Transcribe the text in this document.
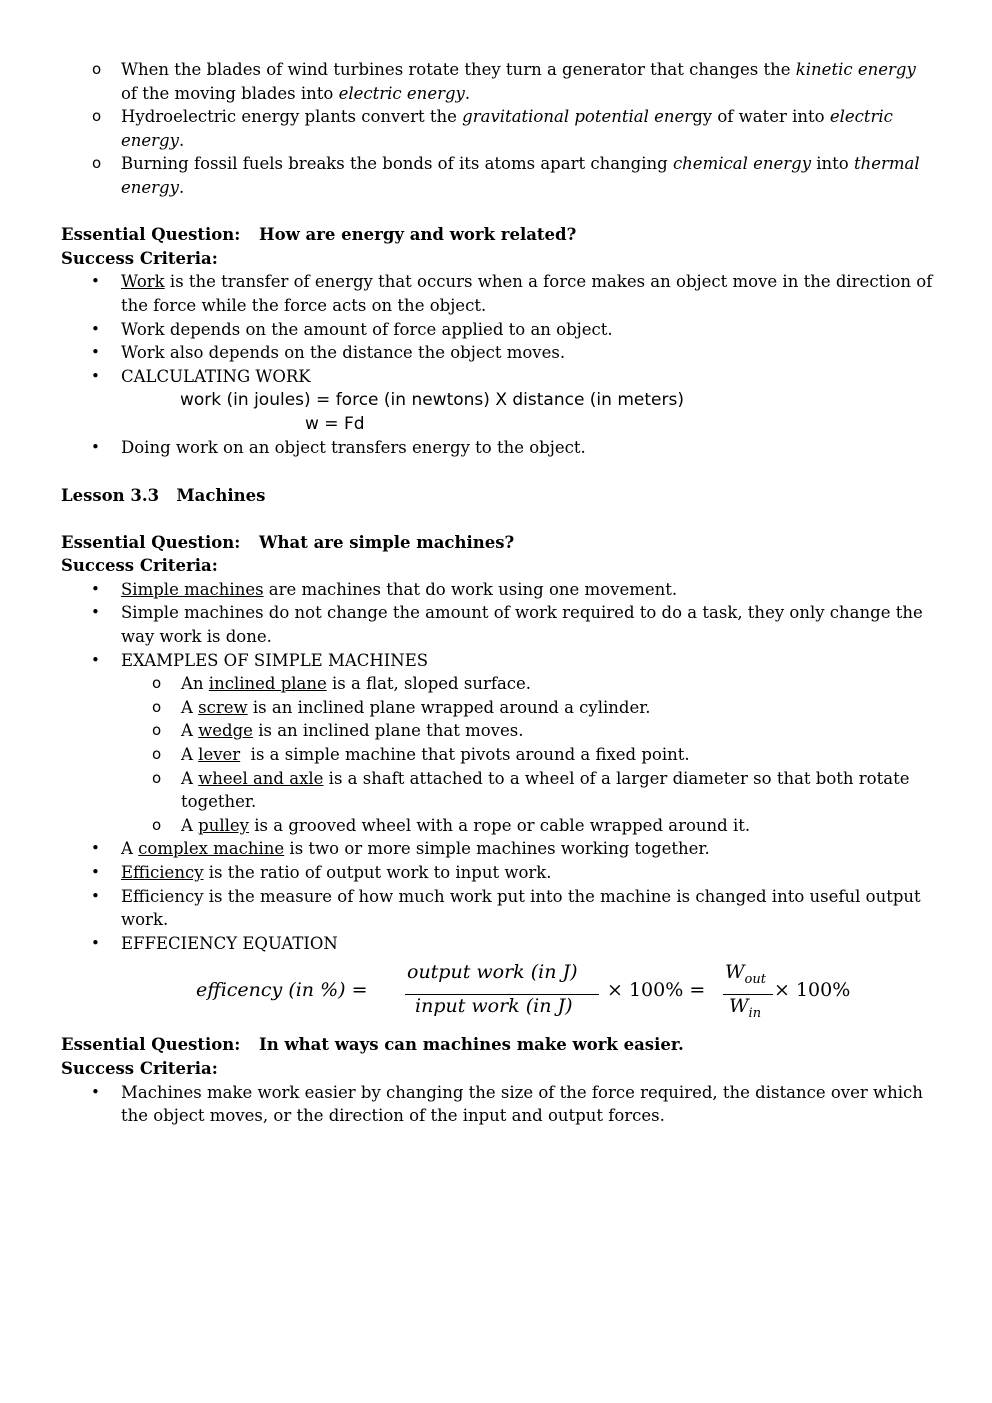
o When the blades of wind turbines rotate they turn a generator that changes the kinetic energy of the moving blades into electric energy.
o Hydroelectric energy plants convert the gravitational potential energy of water into electric energy.
o Burning fossil fuels breaks the bonds of its atoms apart changing chemical energy into thermal energy.
Essential Question: How are energy and work related?
Success Criteria:
• Work is the transfer of energy that occurs when a force makes an object move in the direction of the force while the force acts on the object.
• Work depends on the amount of force applied to an object.
• Work also depends on the distance the object moves.
• CALCULATING WORK
work (in joules) = force (in newtons) X distance (in meters)
w = Fd
• Doing work on an object transfers energy to the object.
Lesson 3.3   Machines
Essential Question: What are simple machines?
Success Criteria:
• Simple machines are machines that do work using one movement.
• Simple machines do not change the amount of work required to do a task, they only change the way work is done.
• EXAMPLES OF SIMPLE MACHINES
o An inclined plane is a flat, sloped surface.
o A screw is an inclined plane wrapped around a cylinder.
o A wedge is an inclined plane that moves.
o A lever  is a simple machine that pivots around a fixed point.
o A wheel and axle is a shaft attached to a wheel of a larger diameter so that both rotate together.
o A pulley is a grooved wheel with a rope or cable wrapped around it.
• A complex machine is two or more simple machines working together.
• Efficiency is the ratio of output work to input work.
• Efficiency is the measure of how much work put into the machine is changed into useful output work.
• EFFECIENCY EQUATION
efficency (in %) =
output work (in J)
input work (in J)
× 100% =
$W_{out}$
$W_{in}$
× 100%
Essential Question: In what ways can machines make work easier.
Success Criteria:
• Machines make work easier by changing the size of the force required, the distance over which the object moves, or the direction of the input and output forces.
